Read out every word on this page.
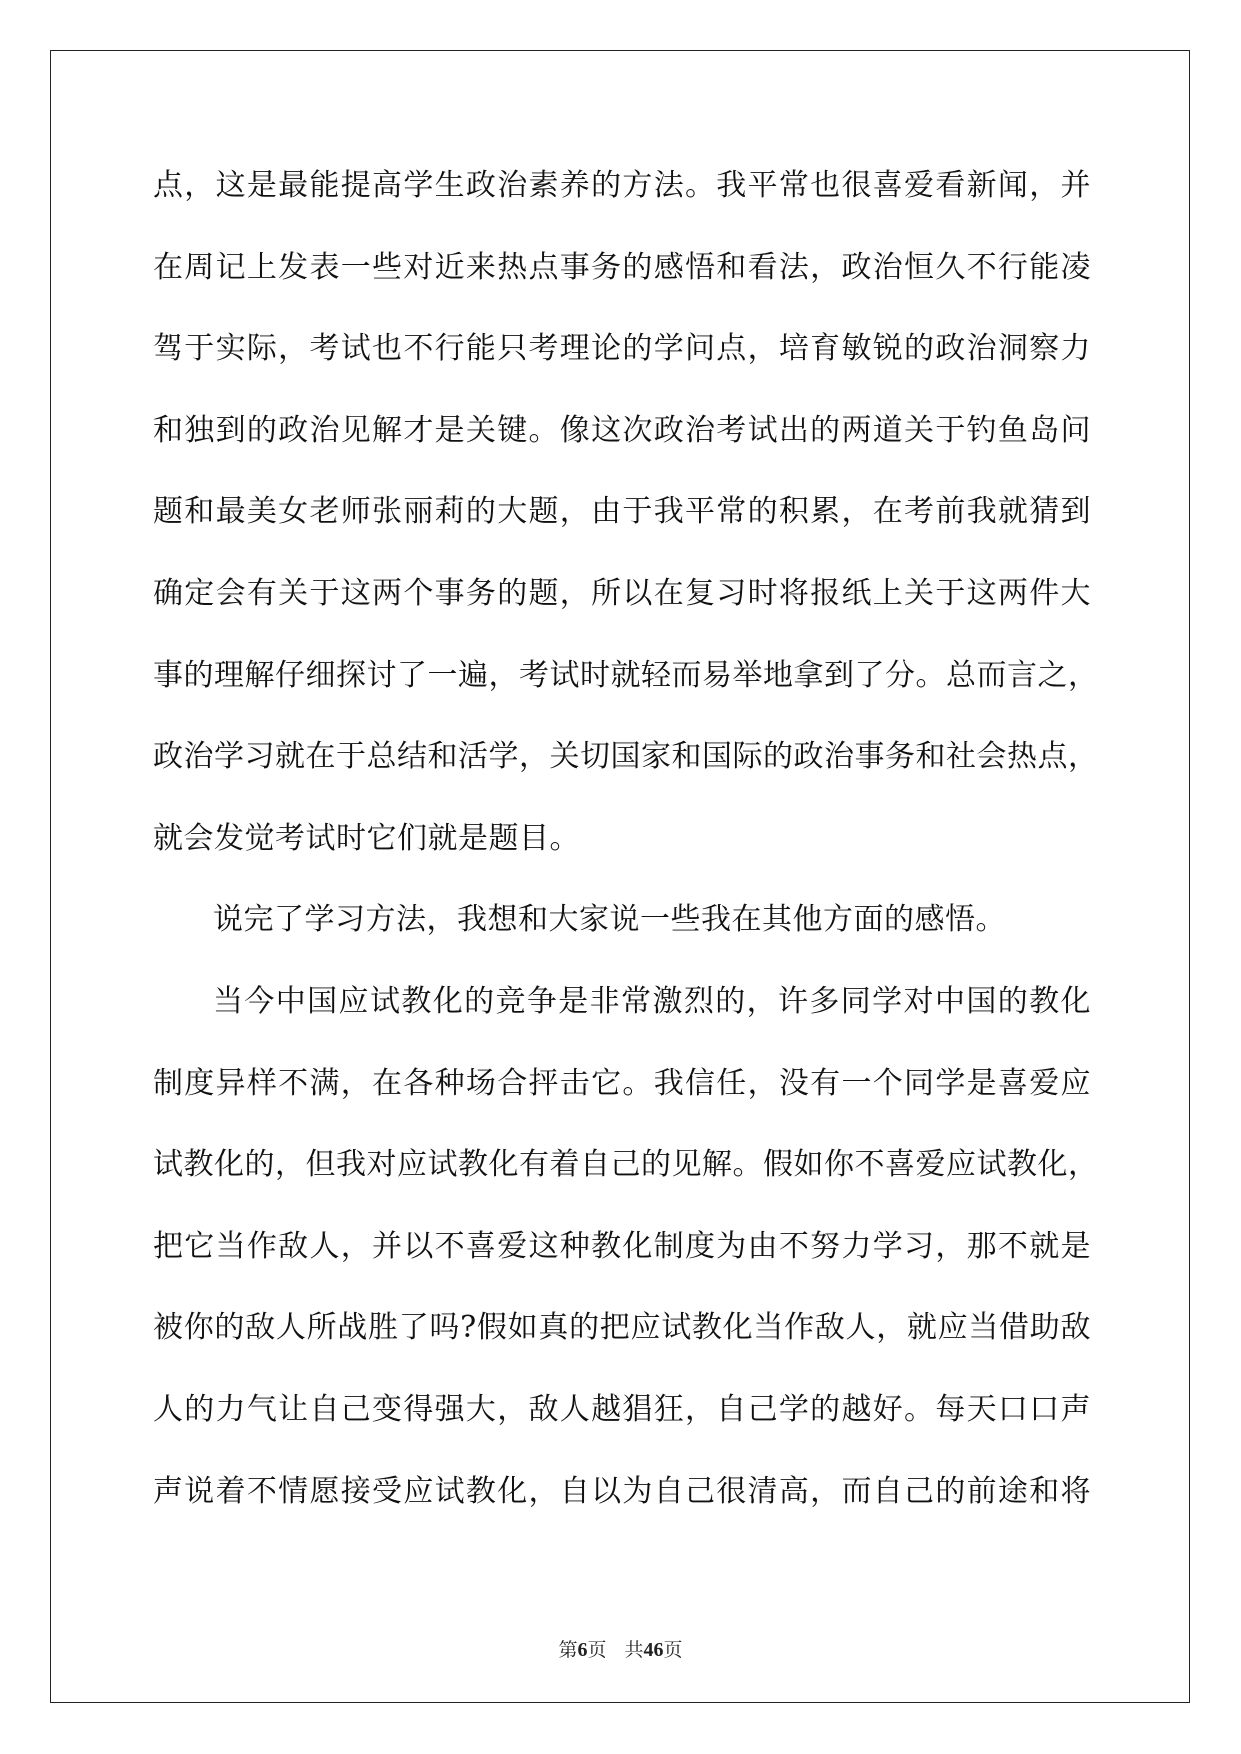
点，这是最能提高学生政治素养的方法。我平常也很喜爱看新闻，并
在周记上发表一些对近来热点事务的感悟和看法，政治恒久不行能凌
驾于实际，考试也不行能只考理论的学问点，培育敏锐的政治洞察力
和独到的政治见解才是关键。像这次政治考试出的两道关于钓鱼岛问
题和最美女老师张丽莉的大题，由于我平常的积累，在考前我就猜到
确定会有关于这两个事务的题，所以在复习时将报纸上关于这两件大
事的理解仔细探讨了一遍，考试时就轻而易举地拿到了分。总而言之，
政治学习就在于总结和活学，关切国家和国际的政治事务和社会热点，
就会发觉考试时它们就是题目。
说完了学习方法，我想和大家说一些我在其他方面的感悟。
当今中国应试教化的竞争是非常激烈的，许多同学对中国的教化
制度异样不满，在各种场合抨击它。我信任，没有一个同学是喜爱应
试教化的，但我对应试教化有着自己的见解。假如你不喜爱应试教化，
把它当作敌人，并以不喜爱这种教化制度为由不努力学习，那不就是
被你的敌人所战胜了吗?假如真的把应试教化当作敌人，就应当借助敌
人的力气让自己变得强大，敌人越猖狂，自己学的越好。每天口口声
声说着不情愿接受应试教化，自以为自己很清高，而自己的前途和将
第6页 共46页
